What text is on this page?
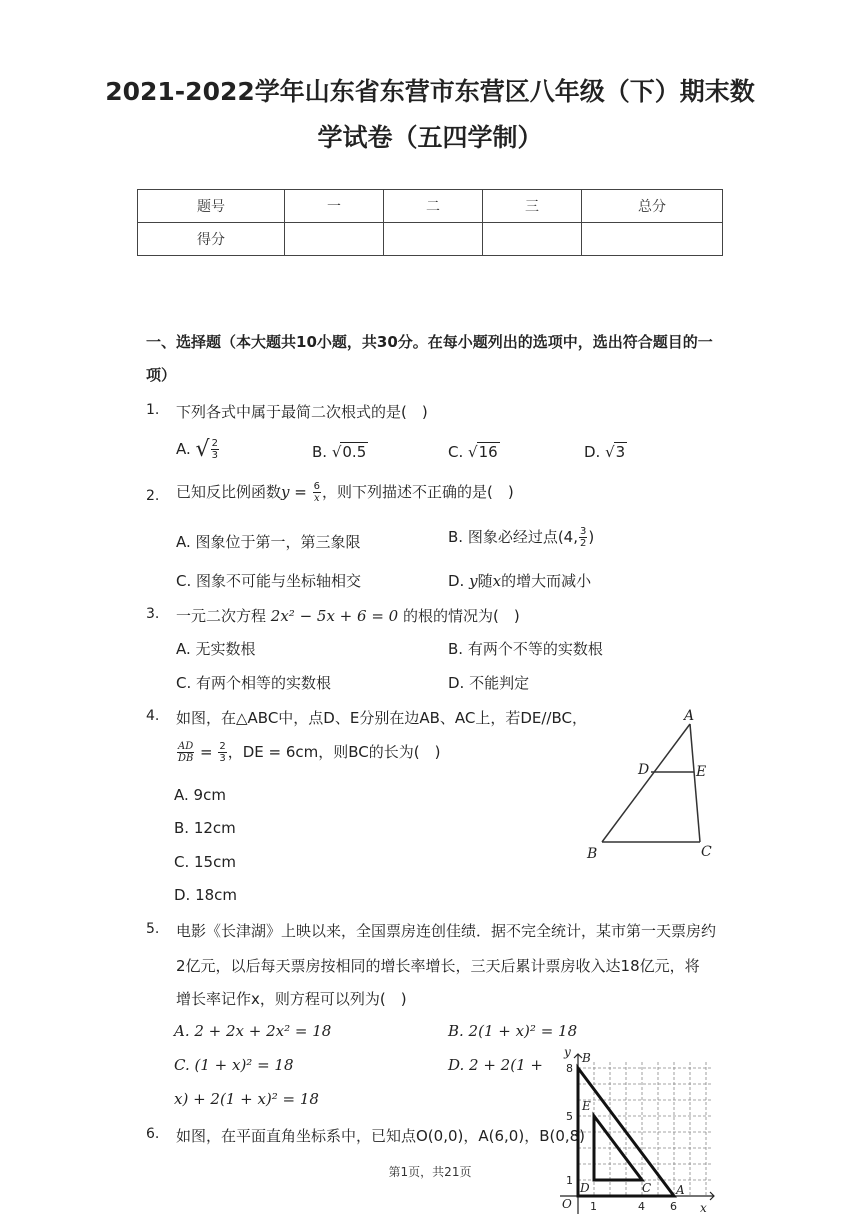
2021-2022学年山东省东营市东营区八年级（下）期末数
学试卷（五四学制）
题号	一	二	三	总分
得分				
一、选择题（本大题共10小题，共30分。在每小题列出的选项中，选出符合题目的一
项）
1. 下列各式中属于最简二次根式的是(　)
A. √ $\frac{2}{3}$	B. √0.5	C. √16	D. √3
2. 已知反比例函数$y = \frac{6}{x}$ ，则下列描述不正确的是(　)
A. 图象位于第一，第三象限	B. 图象必经过点(4, $\frac{3}{2}$ )
C. 图象不可能与坐标轴相交	D. y随x的增大而减小
3. 一元二次方程 2x² − 5x + 6 = 0 的根的情况为(　)
A. 无实数根	B. 有两个不等的实数根
C. 有两个相等的实数根	D. 不能判定
4. 如图，在△ABC中，点D、E分别在边AB、AC上，若DE//BC，
$\frac{AD}{DB} = \frac{2}{3}$ ，DE = 6cm，则BC的长为(　)
A. 9cm
B. 12cm
C. 15cm
D. 18cm
A
D	E
B	C
5. 电影《长津湖》上映以来，全国票房连创佳绩．据不完全统计，某市第一天票房约
2亿元，以后每天票房按相同的增长率增长，三天后累计票房收入达18亿元，将
增长率记作x，则方程可以列为(　)
A. 2 + 2x + 2x² = 18	B. 2(1 + x)² = 18
C. (1 + x)² = 18	D. 2 + 2(1 +
x) + 2(1 + x)² = 18
6. 如图，在平面直角坐标系中，已知点O(0,0)，A(6,0)，B(0,8)
y
x
O
B
E
D	C A
8
5
1
1	4 6
第1页，共21页
